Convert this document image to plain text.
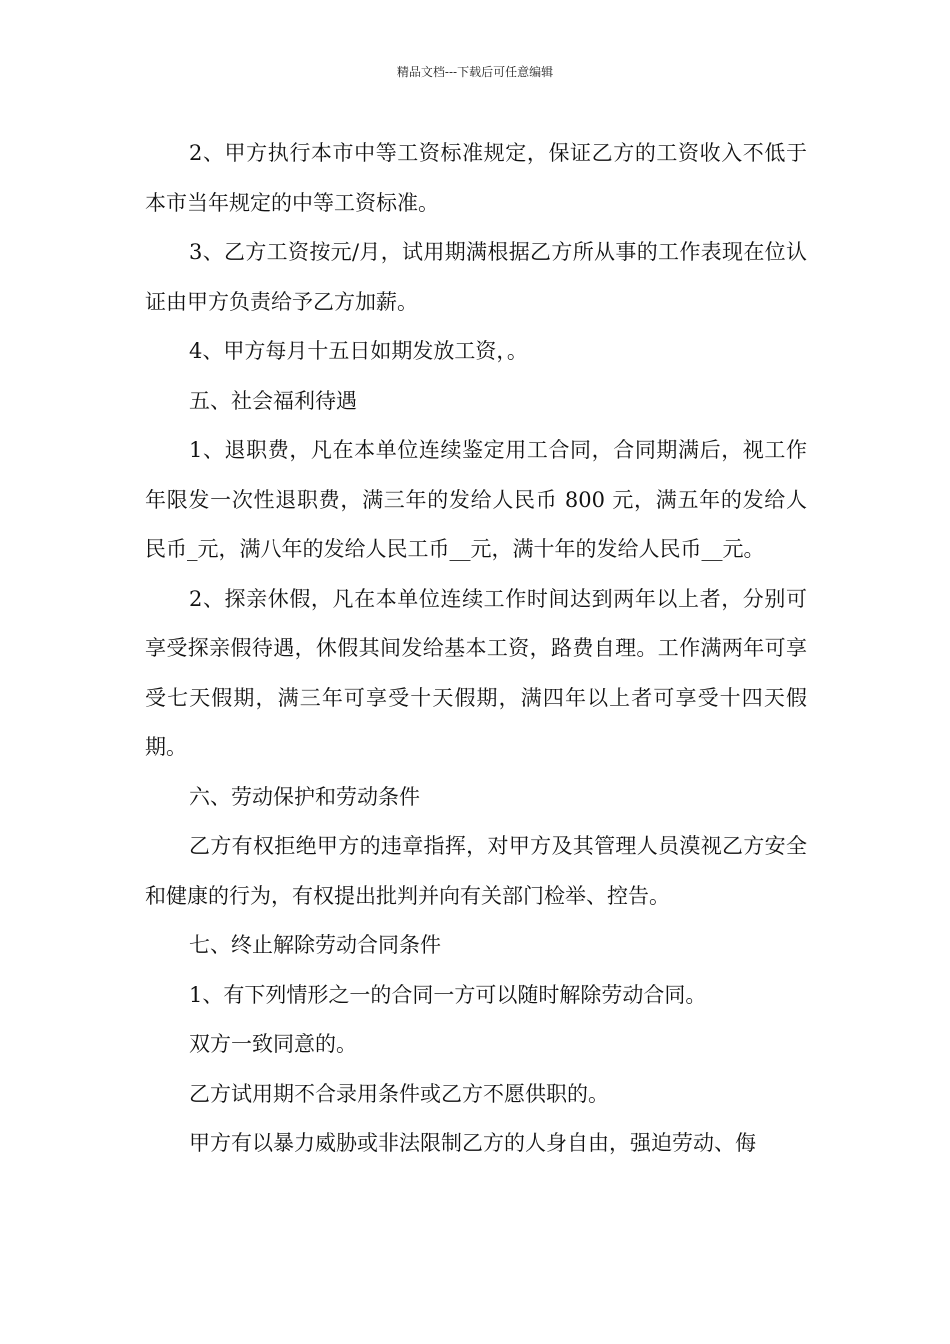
精品文档---下载后可任意编辑

2、甲方执行本市中等工资标准规定，保证乙方的工资收入不低于本市当年规定的中等工资标准。

3、乙方工资按元/月，试用期满根据乙方所从事的工作表现在位认证由甲方负责给予乙方加薪。

4、甲方每月十五日如期发放工资，。

五、社会福利待遇

1、退职费，凡在本单位连续鉴定用工合同，合同期满后，视工作年限发一次性退职费，满三年的发给人民币 800 元，满五年的发给人民币_元，满八年的发给人民工币__元，满十年的发给人民币__元。

2、探亲休假，凡在本单位连续工作时间达到两年以上者，分别可享受探亲假待遇，休假其间发给基本工资，路费自理。工作满两年可享受七天假期，满三年可享受十天假期，满四年以上者可享受十四天假期。

六、劳动保护和劳动条件

乙方有权拒绝甲方的违章指挥，对甲方及其管理人员漠视乙方安全和健康的行为，有权提出批判并向有关部门检举、控告。

七、终止解除劳动合同条件

1、有下列情形之一的合同一方可以随时解除劳动合同。

双方一致同意的。

乙方试用期不合录用条件或乙方不愿供职的。

甲方有以暴力威胁或非法限制乙方的人身自由，强迫劳动、侮
